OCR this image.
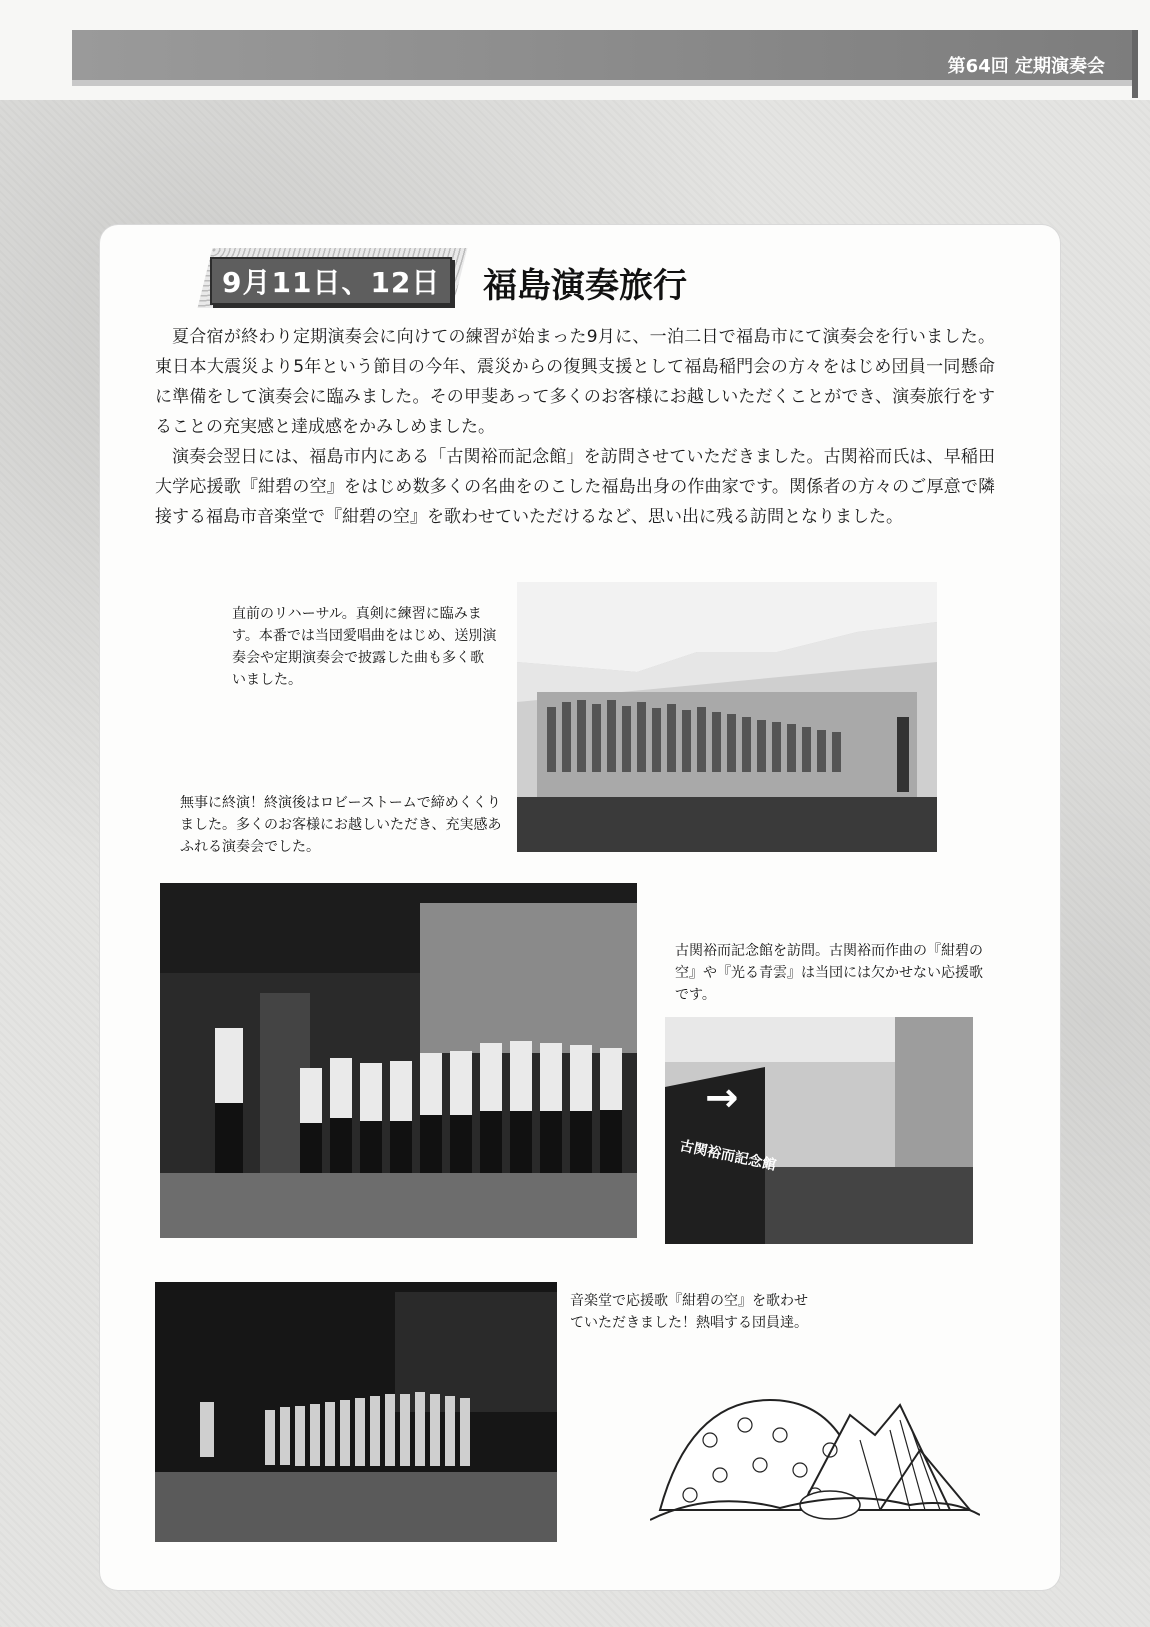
第64回 定期演奏会
9月11日、12日	福島演奏旅行

夏合宿が終わり定期演奏会に向けての練習が始まった9月に、一泊二日で福島市にて演奏会を行いました。東日本大震災より5年という節目の今年、震災からの復興支援として福島稲門会の方々をはじめ団員一同懸命に準備をして演奏会に臨みました。その甲斐あって多くのお客様にお越しいただくことができ、演奏旅行をすることの充実感と達成感をかみしめました。

演奏会翌日には、福島市内にある「古関裕而記念館」を訪問させていただきました。古関裕而氏は、早稲田大学応援歌『紺碧の空』をはじめ数多くの名曲をのこした福島出身の作曲家です。関係者の方々のご厚意で隣接する福島市音楽堂で『紺碧の空』を歌わせていただけるなど、思い出に残る訪問となりました。

直前のリハーサル。真剣に練習に臨みます。本番では当団愛唱曲をはじめ、送別演奏会や定期演奏会で披露した曲も多く歌いました。
無事に終演！終演後はロビーストームで締めくくりました。多くのお客様にお越しいただき、充実感あふれる演奏会でした。
古関裕而記念館を訪問。古関裕而作曲の『紺碧の空』や『光る青雲』は当団には欠かせない応援歌です。
→
古関裕而記念館
音楽堂で応援歌『紺碧の空』を歌わせていただきました！熱唱する団員達。
